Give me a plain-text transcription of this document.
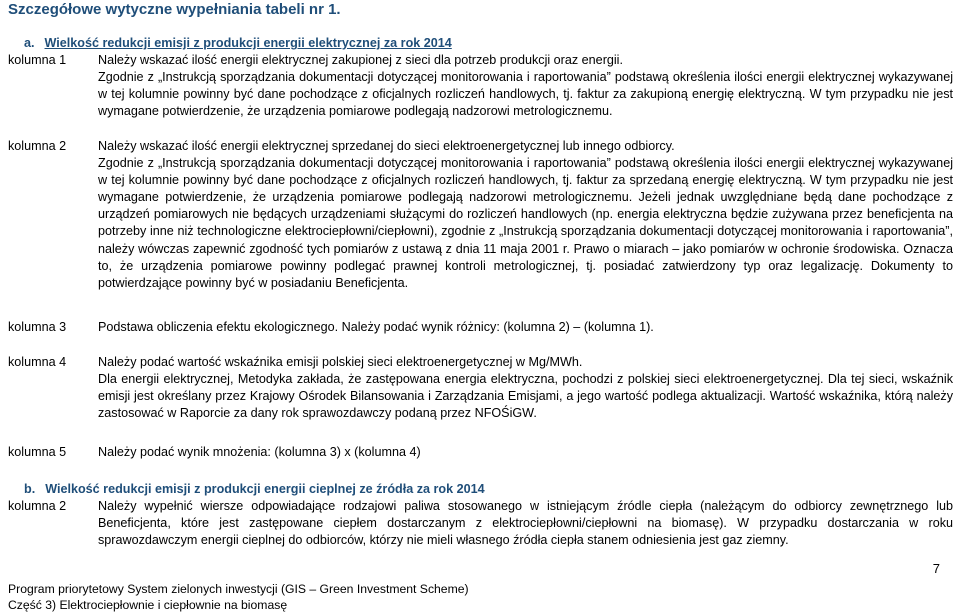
Szczegółowe wytyczne wypełniania tabeli nr 1.
a. Wielkość redukcji emisji z produkcji energii elektrycznej za rok 2014
kolumna 1	Należy wskazać ilość energii elektrycznej zakupionej z sieci dla potrzeb produkcji oraz energii.

Zgodnie z „Instrukcją sporządzania dokumentacji dotyczącej monitorowania i raportowania” podstawą określenia ilości energii elektrycznej wykazywanej w tej kolumnie powinny być dane pochodzące z oficjalnych rozliczeń handlowych, tj. faktur za zakupioną energię elektryczną. W tym przypadku nie jest wymagane potwierdzenie, że urządzenia pomiarowe podlegają nadzorowi metrologicznemu.

kolumna 2	Należy wskazać ilość energii elektrycznej sprzedanej do sieci elektroenergetycznej lub innego odbiorcy.

Zgodnie z „Instrukcją sporządzania dokumentacji dotyczącej monitorowania i raportowania” podstawą określenia ilości energii elektrycznej wykazywanej w tej kolumnie powinny być dane pochodzące z oficjalnych rozliczeń handlowych, tj. faktur za sprzedaną energię elektryczną. W tym przypadku nie jest wymagane potwierdzenie, że urządzenia pomiarowe podlegają nadzorowi metrologicznemu. Jeżeli jednak uwzględniane będą dane pochodzące z urządzeń pomiarowych nie będących urządzeniami służącymi do rozliczeń handlowych (np. energia elektryczna będzie zużywana przez beneficjenta na potrzeby inne niż technologiczne elektrociepłowni/ciepłowni), zgodnie z „Instrukcją sporządzania dokumentacji dotyczącej monitorowania i raportowania”, należy wówczas zapewnić zgodność tych pomiarów z ustawą z dnia 11 maja 2001 r. Prawo o miarach – jako pomiarów w ochronie środowiska. Oznacza to, że urządzenia pomiarowe powinny podlegać prawnej kontroli metrologicznej, tj. posiadać zatwierdzony typ oraz legalizację. Dokumenty to potwierdzające powinny być w posiadaniu Beneficjenta.

kolumna 3	Podstawa obliczenia efektu ekologicznego. Należy podać wynik różnicy: (kolumna 2) – (kolumna 1).

kolumna 4	Należy podać wartość wskaźnika emisji polskiej sieci elektroenergetycznej w Mg/MWh.

Dla energii elektrycznej, Metodyka zakłada, że zastępowana energia elektryczna, pochodzi z polskiej sieci elektroenergetycznej. Dla tej sieci, wskaźnik emisji jest określany przez Krajowy Ośrodek Bilansowania i Zarządzania Emisjami, a jego wartość podlega aktualizacji. Wartość wskaźnika, którą należy zastosować w Raporcie za dany rok sprawozdawczy podaną przez NFOŚiGW.

kolumna 5	Należy podać wynik mnożenia: (kolumna 3) x (kolumna 4)

b. Wielkość redukcji emisji z produkcji energii cieplnej ze źródła za rok 2014
kolumna 2	Należy wypełnić wiersze odpowiadające rodzajowi paliwa stosowanego w istniejącym źródle ciepła (należącym do odbiorcy zewnętrznego lub Beneficjenta, które jest zastępowane ciepłem dostarczanym z elektrociepłowni/ciepłowni na biomasę). W przypadku dostarczania w roku sprawozdawczym energii cieplnej do odbiorców, którzy nie mieli własnego źródła ciepła stanem odniesienia jest gaz ziemny.

7
Program priorytetowy System zielonych inwestycji (GIS – Green Investment Scheme)
Część 3) Elektrociepłownie i ciepłownie na biomasę
